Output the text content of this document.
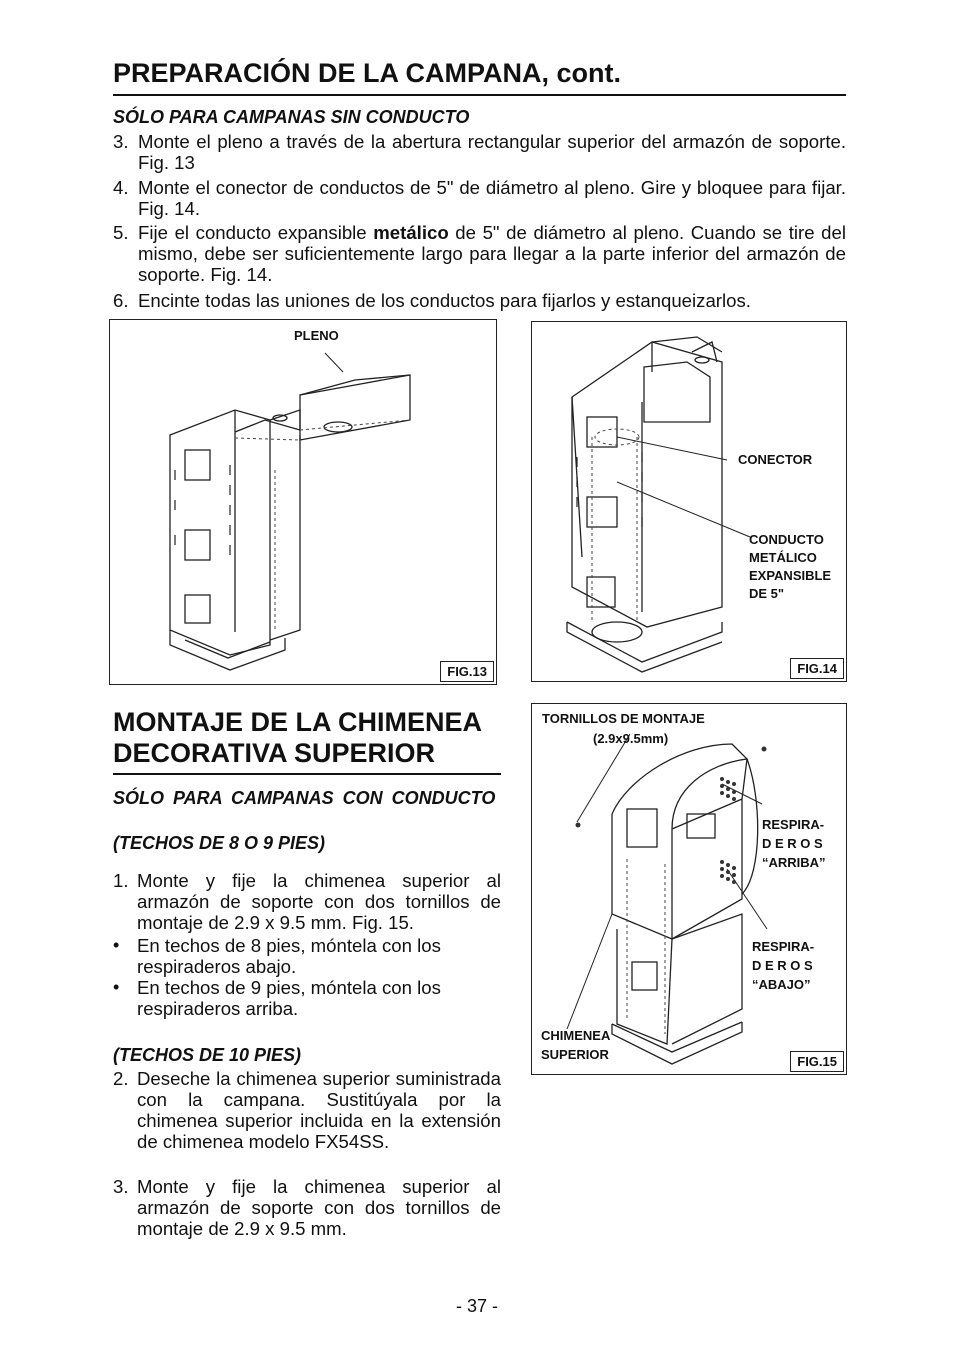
PREPARACIÓN DE LA CAMPANA, cont.
SÓLO PARA CAMPANAS SIN CONDUCTO
3. Monte el pleno a través de la abertura rectangular superior del armazón de soporte. Fig. 13
4. Monte el conector de conductos de 5" de diámetro al pleno. Gire y bloquee para fijar. Fig. 14.
5. Fije el conducto expansible metálico de 5" de diámetro al pleno. Cuando se tire del mismo, debe ser suficientemente largo para llegar a la parte inferior del armazón de soporte. Fig. 14.
6. Encinte todas las uniones de los conductos para fijarlos y estanqueizarlos.
PLENO
FIG.13
CONECTOR
CONDUCTO
METÁLICO
EXPANSIBLE
DE 5"
FIG.14
MONTAJE DE LA CHIMENEA DECORATIVA SUPERIOR
SÓLO PARA CAMPANAS CON CONDUCTO
(TECHOS DE 8 O 9 PIES)
1. Monte y fije la chimenea superior al armazón de soporte con dos tornillos de montaje de 2.9 x 9.5 mm. Fig. 15.
• En techos de 8 pies, móntela con los respiraderos abajo.
• En techos de 9 pies, móntela con los respiraderos arriba.
(TECHOS DE 10 PIES)
2. Deseche la chimenea superior suministrada con la campana. Sustitúyala por la chimenea superior incluida en la extensión de chimenea modelo FX54SS.
3. Monte y fije la chimenea superior al armazón de soporte con dos tornillos de montaje de 2.9 x 9.5 mm.
TORNILLOS DE MONTAJE
(2.9x9.5mm)
RESPIRA-
D E R O S
“ARRIBA”
RESPIRA-
D E R O S
“ABAJO”
CHIMENEA
SUPERIOR	FIG.15
- 37 -
